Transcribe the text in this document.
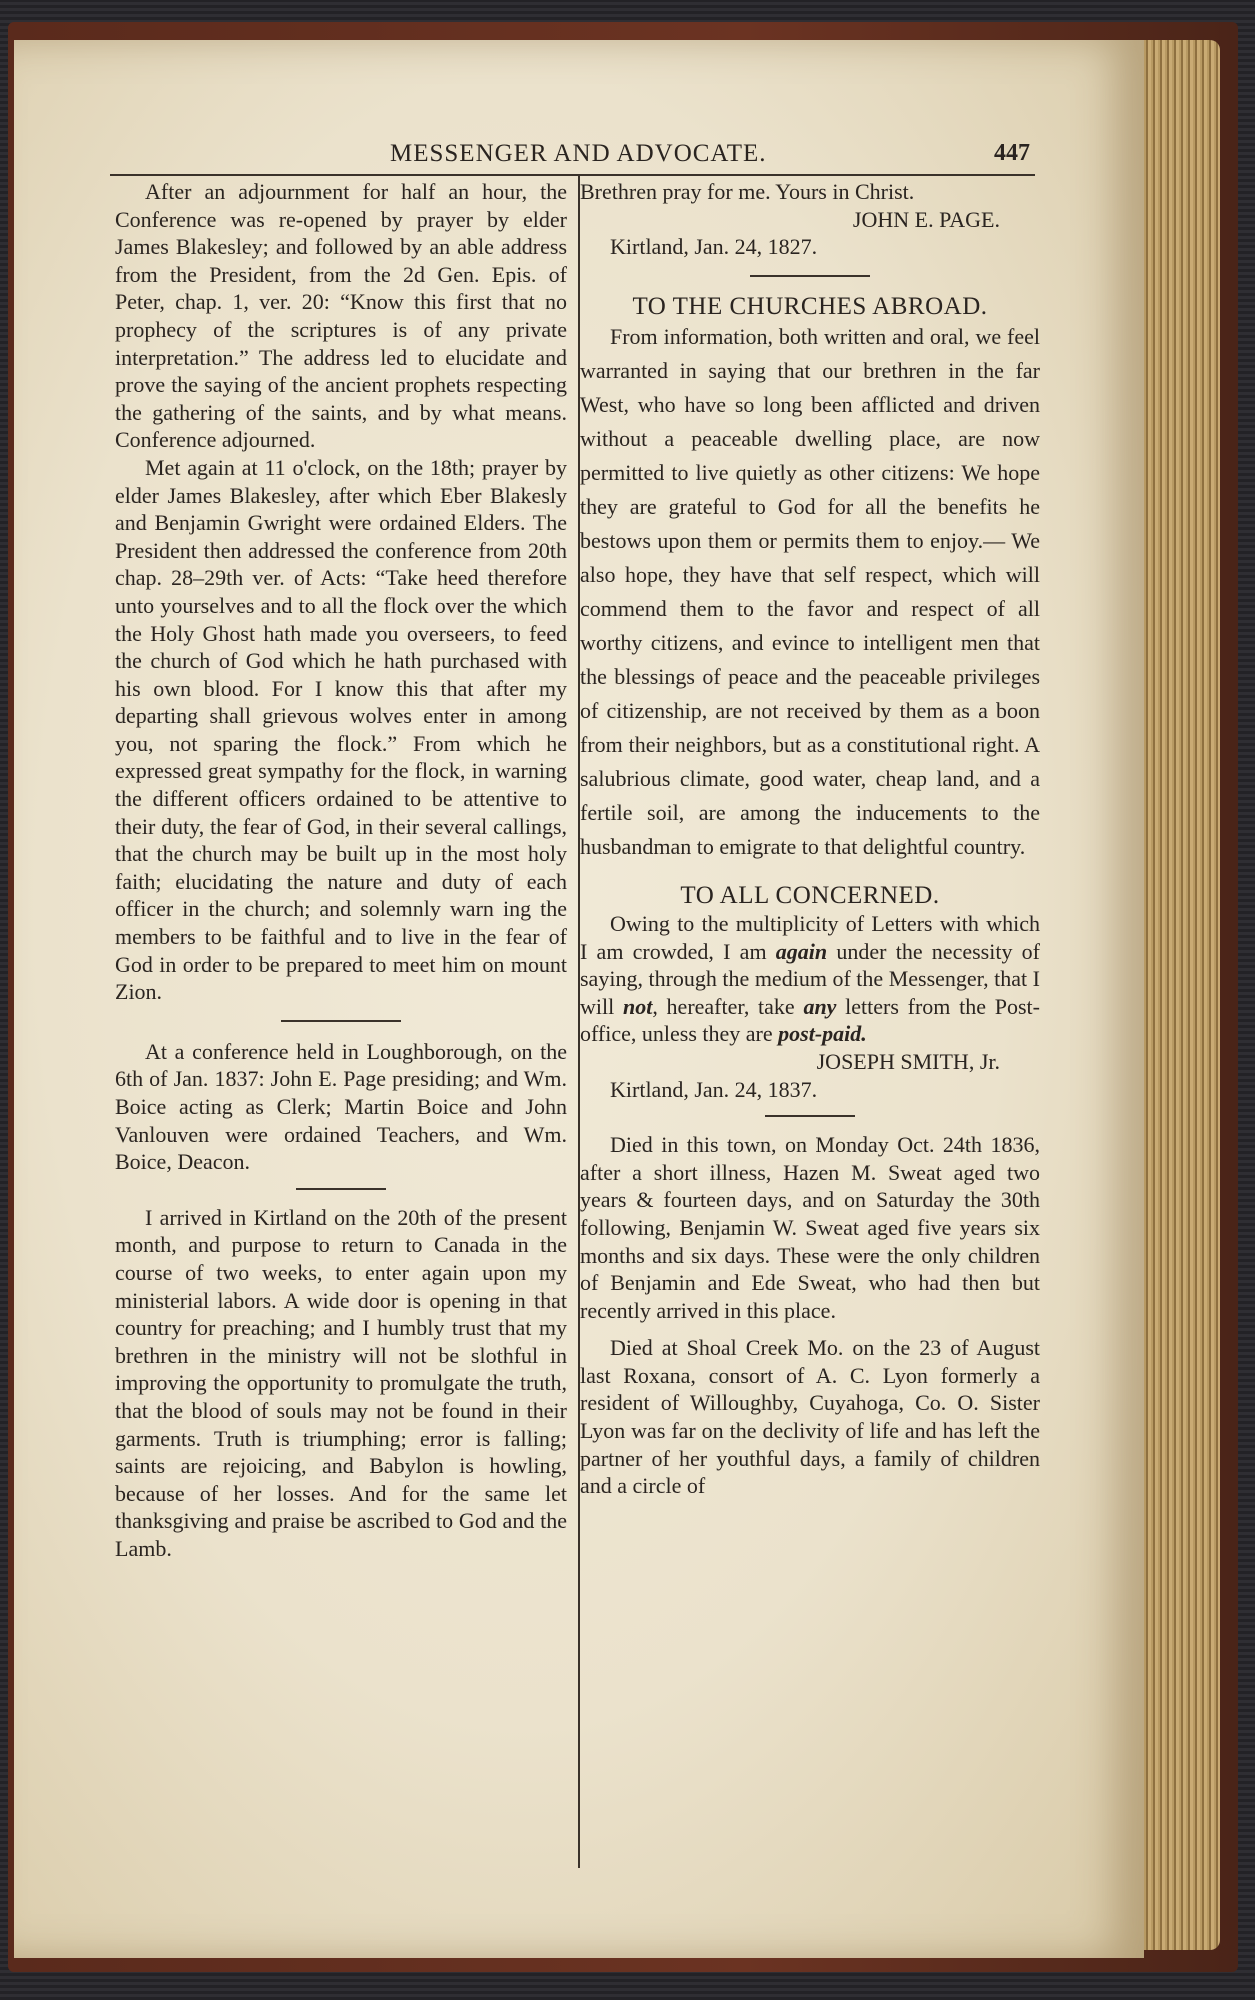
MESSENGER AND ADVOCATE.	447

After an adjournment for half an hour, the Conference was re-opened by prayer by elder James Blakesley; and followed by an able address from the President, from the 2d Gen. Epis. of Peter, chap. 1, ver. 20: “Know this first that no prophecy of the scriptures is of any private interpretation.” The address led to elucidate and prove the saying of the ancient prophets respecting the gathering of the saints, and by what means. Conference adjourned.

Met again at 11 o'clock, on the 18th; prayer by elder James Blakesley, after which Eber Blakesly and Benjamin Gwright were ordained Elders. The President then addressed the conference from 20th chap. 28–29th ver. of Acts: “Take heed therefore unto yourselves and to all the flock over the which the Holy Ghost hath made you overseers, to feed the church of God which he hath purchased with his own blood. For I know this that after my departing shall grievous wolves enter in among you, not sparing the flock.” From which he expressed great sympathy for the flock, in warning the different officers ordained to be attentive to their duty, the fear of God, in their several callings, that the church may be built up in the most holy faith; elucidating the nature and duty of each officer in the church; and solemnly warn ing the members to be faithful and to live in the fear of God in order to be prepared to meet him on mount Zion.

At a conference held in Loughborough, on the 6th of Jan. 1837: John E. Page presiding; and Wm. Boice acting as Clerk; Martin Boice and John Vanlouven were ordained Teachers, and Wm. Boice, Deacon.

I arrived in Kirtland on the 20th of the present month, and purpose to return to Canada in the course of two weeks, to enter again upon my ministerial labors. A wide door is opening in that country for preaching; and I humbly trust that my brethren in the ministry will not be slothful in improving the opportunity to promulgate the truth, that the blood of souls may not be found in their garments. Truth is triumphing; error is falling; saints are rejoicing, and Babylon is howling, because of her losses. And for the same let thanksgiving and praise be ascribed to God and the Lamb.

Brethren pray for me. Yours in Christ.

JOHN E. PAGE.

Kirtland, Jan. 24, 1827.

TO THE CHURCHES ABROAD.

From information, both written and oral, we feel warranted in saying that our brethren in the far West, who have so long been afflicted and driven without a peaceable dwelling place, are now permitted to live quietly as other citizens: We hope they are grateful to God for all the benefits he bestows upon them or permits them to enjoy.— We also hope, they have that self respect, which will commend them to the favor and respect of all worthy citizens, and evince to intelligent men that the blessings of peace and the peaceable privileges of citizenship, are not received by them as a boon from their neighbors, but as a constitutional right. A salubrious climate, good water, cheap land, and a fertile soil, are among the inducements to the husbandman to emigrate to that delightful country.

TO ALL CONCERNED.

Owing to the multiplicity of Letters with which I am crowded, I am again under the necessity of saying, through the medium of the Messenger, that I will not, hereafter, take any letters from the Post-office, unless they are post-paid.

JOSEPH SMITH, Jr.

Kirtland, Jan. 24, 1837.

Died in this town, on Monday Oct. 24th 1836, after a short illness, Hazen M. Sweat aged two years & fourteen days, and on Saturday the 30th following, Benjamin W. Sweat aged five years six months and six days. These were the only children of Benjamin and Ede Sweat, who had then but recently arrived in this place.

Died at Shoal Creek Mo. on the 23 of August last Roxana, consort of A. C. Lyon formerly a resident of Willoughby, Cuyahoga, Co. O. Sister Lyon was far on the declivity of life and has left the partner of her youthful days, a family of children and a circle of
